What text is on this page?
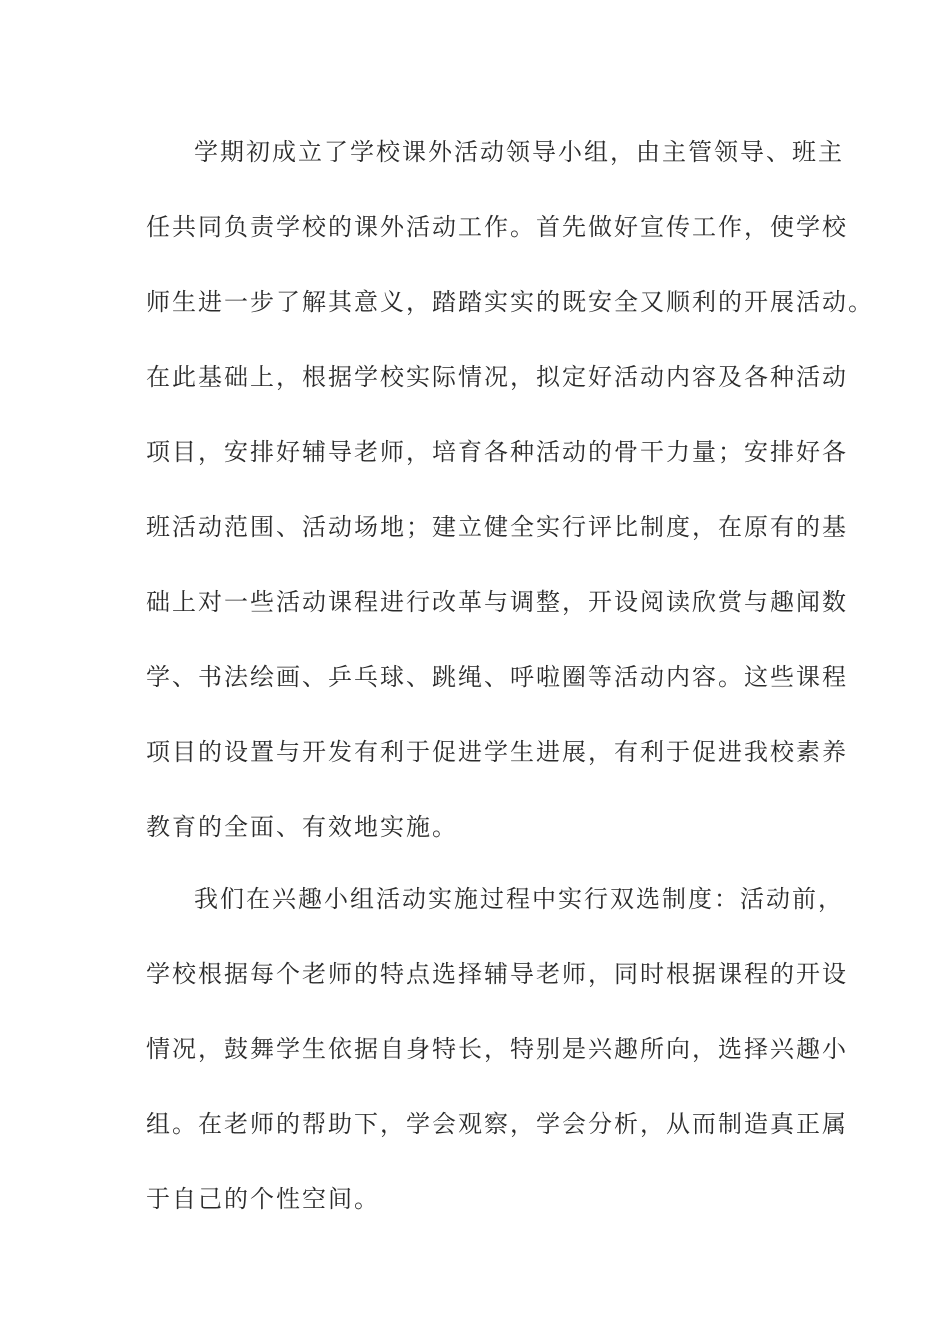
学期初成立了学校课外活动领导小组，由主管领导、班主
任共同负责学校的课外活动工作。首先做好宣传工作，使学校
师生进一步了解其意义，踏踏实实的既安全又顺利的开展活动。
在此基础上，根据学校实际情况，拟定好活动内容及各种活动
项目，安排好辅导老师，培育各种活动的骨干力量；安排好各
班活动范围、活动场地；建立健全实行评比制度，在原有的基
础上对一些活动课程进行改革与调整，开设阅读欣赏与趣闻数
学、书法绘画、乒乓球、跳绳、呼啦圈等活动内容。这些课程
项目的设置与开发有利于促进学生进展，有利于促进我校素养
教育的全面、有效地实施。
我们在兴趣小组活动实施过程中实行双选制度：活动前，
学校根据每个老师的特点选择辅导老师，同时根据课程的开设
情况，鼓舞学生依据自身特长，特别是兴趣所向，选择兴趣小
组。在老师的帮助下，学会观察，学会分析，从而制造真正属
于自己的个性空间。
